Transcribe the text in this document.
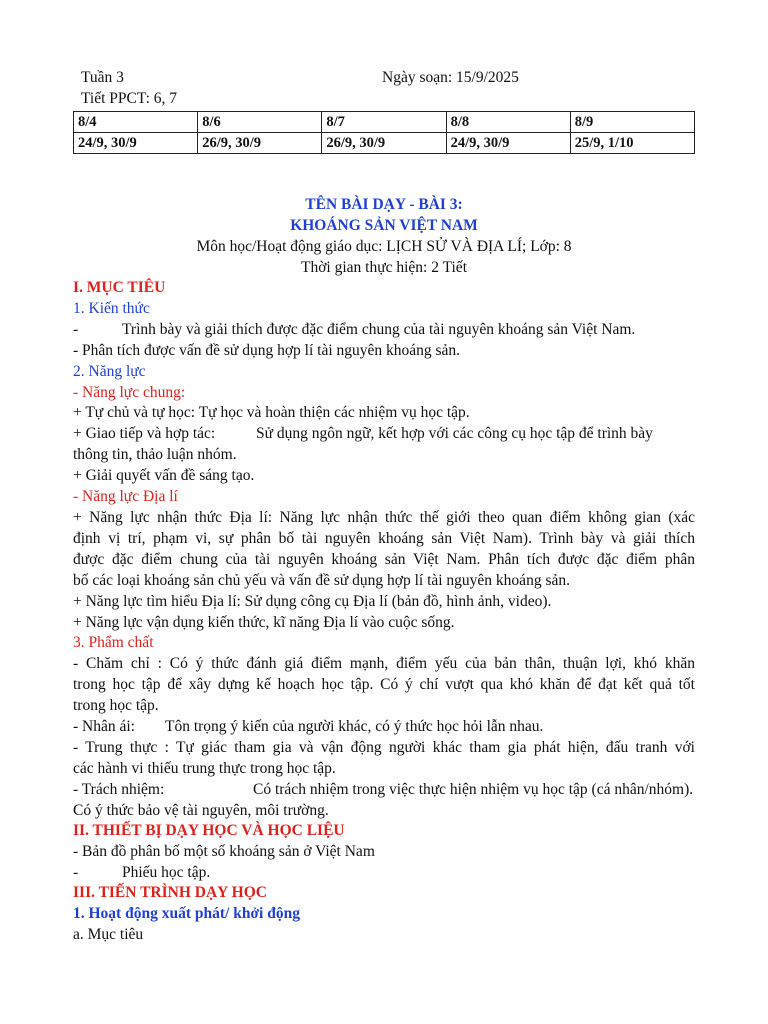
Tuần 3	Ngày soạn: 15/9/2025
Tiết PPCT: 6, 7
8/4	8/6	8/7	8/8	8/9
24/9, 30/9	26/9, 30/9	26/9, 30/9	24/9, 30/9	25/9, 1/10
TÊN BÀI DẠY - BÀI 3:
KHOÁNG SẢN VIỆT NAM
Môn học/Hoạt động giáo dục: LỊCH SỬ VÀ ĐỊA LÍ; Lớp: 8
Thời gian thực hiện: 2 Tiết
I. MỤC TIÊU
1. Kiến thức
-	Trình bày và giải thích được đặc điểm chung của tài nguyên khoáng sản Việt Nam.
- Phân tích được vấn đề sử dụng hợp lí tài nguyên khoáng sản.
2. Năng lực
- Năng lực chung:
+ Tự chủ và tự học: Tự học và hoàn thiện các nhiệm vụ học tập.
+ Giao tiếp và hợp tác:	Sử dụng ngôn ngữ, kết hợp với các công cụ học tập để trình bày
thông tin, thảo luận nhóm.
+ Giải quyết vấn đề sáng tạo.
- Năng lực Địa lí
+ Năng lực nhận thức Địa lí: Năng lực nhận thức thế giới theo quan điểm không gian (xác
định vị trí, phạm vi, sự phân bố tài nguyên khoáng sản Việt Nam). Trình bày và giải thích
được đặc điểm chung của tài nguyên khoáng sản Việt Nam. Phân tích được đặc điểm phân
bố các loại khoáng sản chủ yếu và vấn đề sử dụng hợp lí tài nguyên khoáng sản.
+ Năng lực tìm hiểu Địa lí: Sử dụng công cụ Địa lí (bản đồ, hình ảnh, video).
+ Năng lực vận dụng kiến thức, kĩ năng Địa lí vào cuộc sống.
3. Phẩm chất
- Chăm chỉ : Có ý thức đánh giá điểm mạnh, điểm yếu của bản thân, thuận lợi, khó khăn
trong học tập để xây dựng kế hoạch học tập. Có ý chí vượt qua khó khăn để đạt kết quả tốt
trong học tập.
- Nhân ái: Tôn trọng ý kiến của người khác, có ý thức học hỏi lẫn nhau.
- Trung thực : Tự giác tham gia và vận động người khác tham gia phát hiện, đấu tranh với
các hành vi thiếu trung thực trong học tập.
- Trách nhiệm:	Có trách nhiệm trong việc thực hiện nhiệm vụ học tập (cá nhân/nhóm).
Có ý thức bảo vệ tài nguyên, môi trường.
II. THIẾT BỊ DẠY HỌC VÀ HỌC LIỆU
- Bản đồ phân bố một số khoáng sản ở Việt Nam
-	Phiếu học tập.
III. TIẾN TRÌNH DẠY HỌC
1. Hoạt động xuất phát/ khởi động
a. Mục tiêu
